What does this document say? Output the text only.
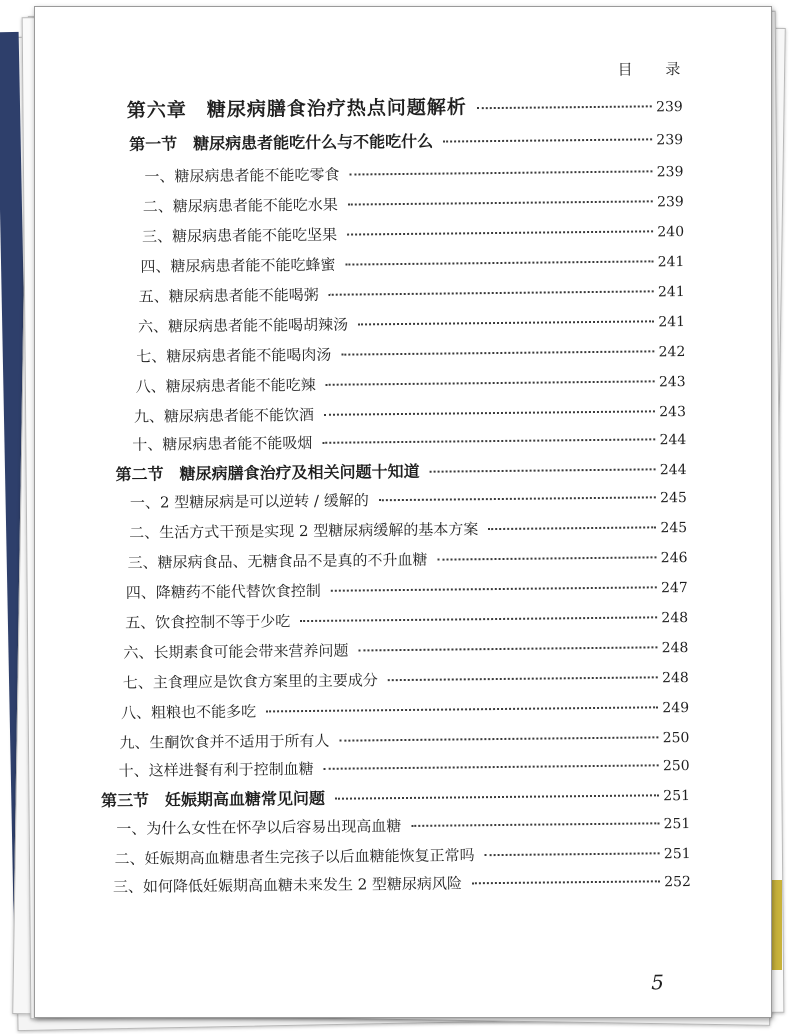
目 录
第六章　糖尿病膳食治疗热点问题解析	239
第一节　糖尿病患者能吃什么与不能吃什么	239
一、糖尿病患者能不能吃零食	239
二、糖尿病患者能不能吃水果	239
三、糖尿病患者能不能吃坚果	240
四、糖尿病患者能不能吃蜂蜜	241
五、糖尿病患者能不能喝粥	241
六、糖尿病患者能不能喝胡辣汤	241
七、糖尿病患者能不能喝肉汤	242
八、糖尿病患者能不能吃辣	243
九、糖尿病患者能不能饮酒	243
十、糖尿病患者能不能吸烟	244
第二节　糖尿病膳食治疗及相关问题十知道	244
一、2 型糖尿病是可以逆转 / 缓解的	245
二、生活方式干预是实现 2 型糖尿病缓解的基本方案	245
三、糖尿病食品、无糖食品不是真的不升血糖	246
四、降糖药不能代替饮食控制	247
五、饮食控制不等于少吃	248
六、长期素食可能会带来营养问题	248
七、主食理应是饮食方案里的主要成分	248
八、粗粮也不能多吃	249
九、生酮饮食并不适用于所有人	250
十、这样进餐有利于控制血糖	250
第三节　妊娠期高血糖常见问题	251
一、为什么女性在怀孕以后容易出现高血糖	251
二、妊娠期高血糖患者生完孩子以后血糖能恢复正常吗	251
三、如何降低妊娠期高血糖未来发生 2 型糖尿病风险	252
5
